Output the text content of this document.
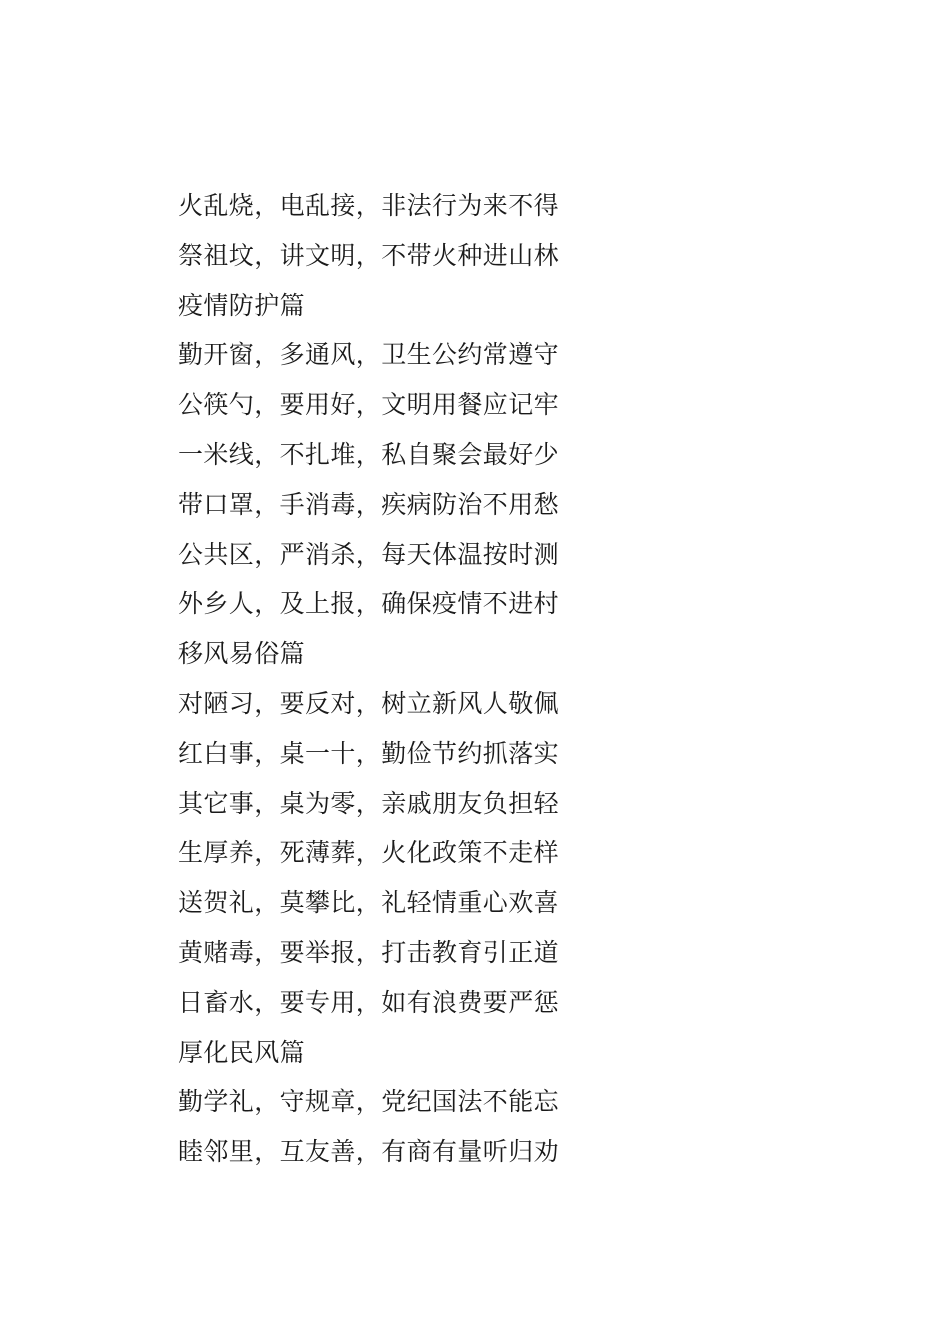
火乱烧，电乱接，非法行为来不得
祭祖坟，讲文明，不带火种进山林
疫情防护篇
勤开窗，多通风，卫生公约常遵守
公筷勺，要用好，文明用餐应记牢
一米线，不扎堆，私自聚会最好少
带口罩，手消毒，疾病防治不用愁
公共区，严消杀，每天体温按时测
外乡人，及上报，确保疫情不进村
移风易俗篇
对陋习，要反对，树立新风人敬佩
红白事，桌一十，勤俭节约抓落实
其它事，桌为零，亲戚朋友负担轻
生厚养，死薄葬，火化政策不走样
送贺礼，莫攀比，礼轻情重心欢喜
黄赌毒，要举报，打击教育引正道
日畜水，要专用，如有浪费要严惩
厚化民风篇
勤学礼，守规章，党纪国法不能忘
睦邻里，互友善，有商有量听归劝
